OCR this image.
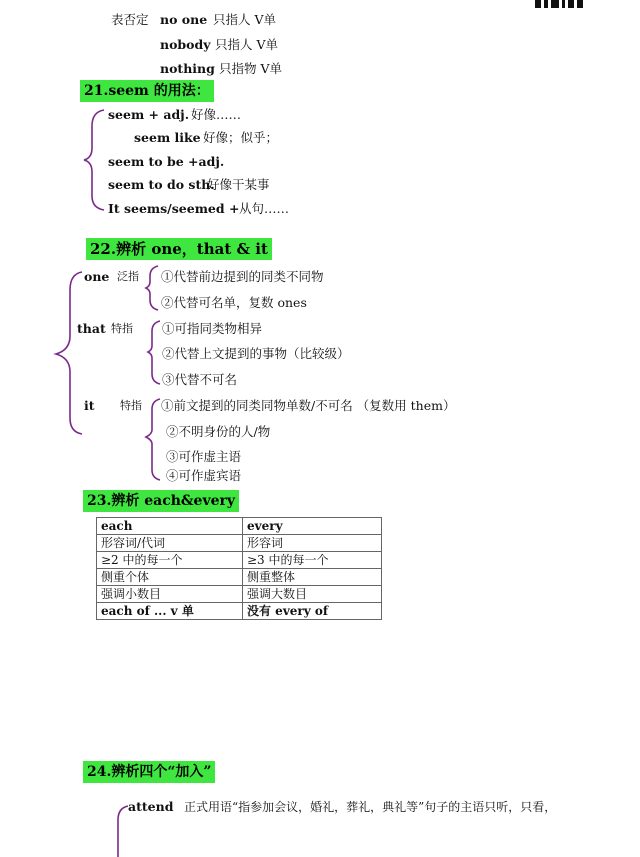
表否定 no one 只指人 V单
nobody 只指人 V单
nothing 只指物 V单
21.seem 的用法：
seem + adj. 好像……
seem like 好像；似乎；
seem to be +adj.
seem to do sth.
好像干某事
It seems/seemed + 从句……
22.辨析 one，that & it
one 泛指 ①代替前边提到的同类不同物
②代替可名单，复数 ones
that 特指 ①可指同类物相异
②代替上文提到的事物（比较级）
③代替不可名
it 特指 ①前文提到的同类同物单数/不可名 （复数用 them）
②不明身份的人/物
③可作虚主语
④可作虚宾语
23.辨析 each&every
each	every
形容词/代词	形容词
≥2 中的每一个	≥3 中的每一个
侧重个体	侧重整体
强调小数目	强调大数目
each of ... v 单	没有 every of
24.辨析四个“加入”
attend 正式用语“指参加会议，婚礼，葬礼，典礼等”句子的主语只听，只看，
